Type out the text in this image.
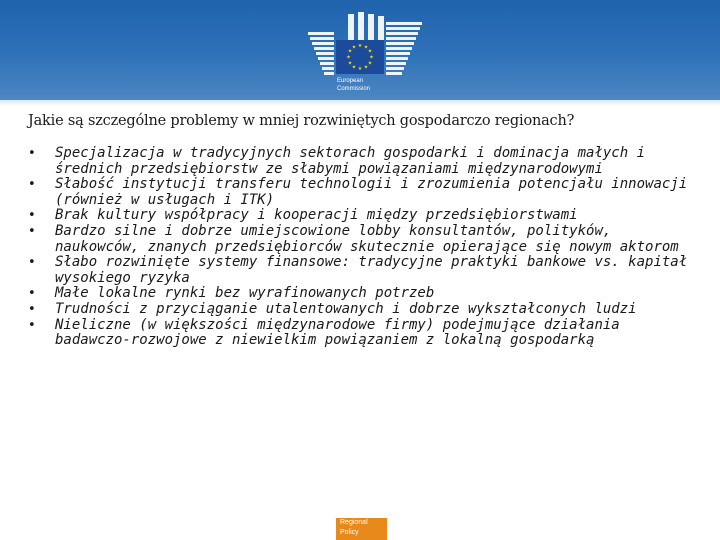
★ ★
★
★
★
★
★
★
★
★
★
★
European
Commission
Jakie są szczególne problemy w mniej rozwiniętych gospodarczo regionach?
• Specjalizacja w tradycyjnych sektorach gospodarki i dominacja małych i średnich przedsiębiorstw ze słabymi powiązaniami międzynarodowymi
• Słabość instytucji transferu technologii i zrozumienia potencjału innowacji (również w usługach i ITK)
• Brak kultury współpracy i kooperacji między przedsiębiorstwami
• Bardzo silne i dobrze umiejscowione lobby konsultantów, polityków, naukowców, znanych przedsiębiorców skutecznie opierające się nowym aktorom
• Słabo rozwinięte systemy finansowe: tradycyjne praktyki bankowe vs. kapitał wysokiego ryzyka
• Małe lokalne rynki bez wyrafinowanych potrzeb
• Trudności z przyciąganie utalentowanych i dobrze wykształconych ludzi
• Nieliczne (w większości międzynarodowe firmy) podejmujące działania badawczo-rozwojowe z niewielkim powiązaniem z lokalną gospodarką
Regional
Policy
